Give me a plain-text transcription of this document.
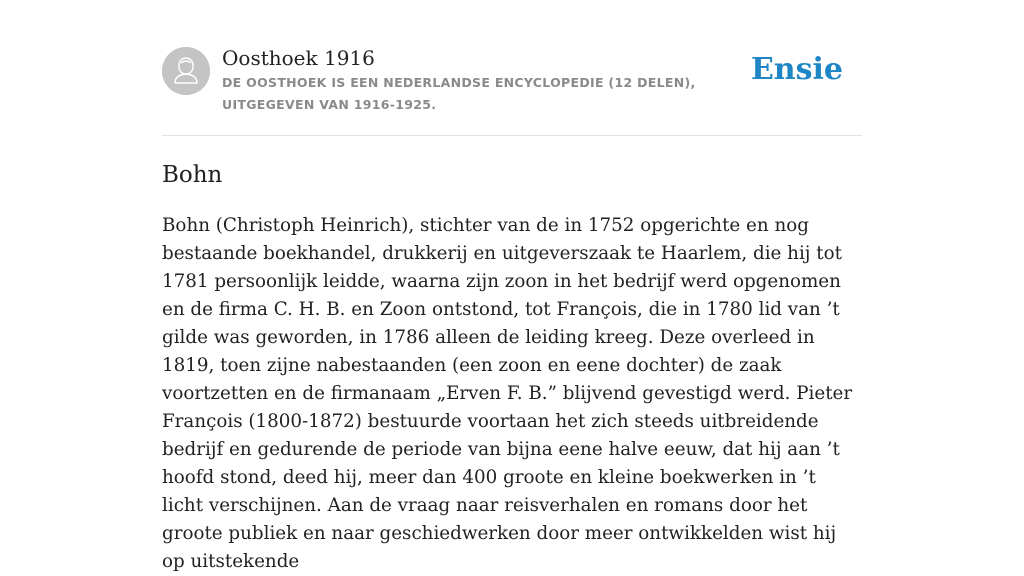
Oosthoek 1916
DE OOSTHOEK IS EEN NEDERLANDSE ENCYCLOPEDIE (12 DELEN), UITGEGEVEN VAN 1916-1925.
Ensie
Bohn

Bohn (Christoph Heinrich), stichter van de in 1752 opgerichte en nog bestaande boekhandel, drukkerij en uitgeverszaak te Haarlem, die hij tot 1781 persoonlijk leidde, waarna zijn zoon in het bedrijf werd opgenomen en de firma C. H. B. en Zoon ontstond, tot François, die in 1780 lid van ’t gilde was geworden, in 1786 alleen de leiding kreeg. Deze overleed in 1819, toen zijne nabestaanden (een zoon en eene dochter) de zaak voortzetten en de firmanaam „Erven F. B.” blijvend gevestigd werd. Pieter François (1800-1872) bestuurde voortaan het zich steeds uitbreidende bedrijf en gedurende de periode van bijna eene halve eeuw, dat hij aan ’t hoofd stond, deed hij, meer dan 400 groote en kleine boekwerken in ’t licht verschijnen. Aan de vraag naar reisverhalen en romans door het groote publiek en naar geschiedwerken door meer ontwikkelden wist hij op uitstekende
